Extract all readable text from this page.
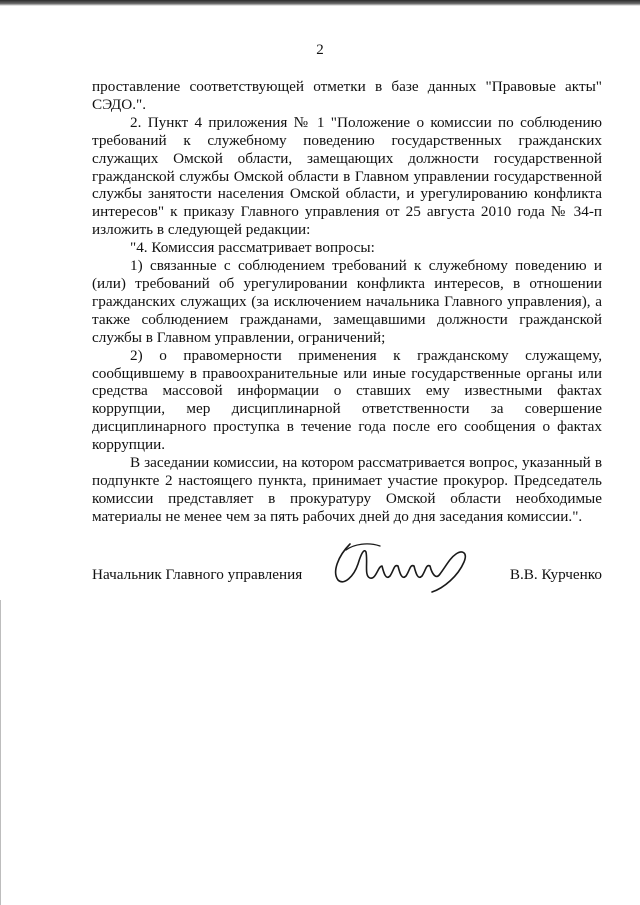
2

проставление соответствующей отметки в базе данных "Правовые акты" СЭДО.".

2. Пункт 4 приложения № 1 "Положение о комиссии по соблюдению требований к служебному поведению государственных гражданских служащих Омской области, замещающих должности государственной гражданской службы Омской области в Главном управлении государственной службы занятости населения Омской области, и урегулированию конфликта интересов" к приказу Главного управления от 25 августа 2010 года № 34-п изложить в следующей редакции:

"4. Комиссия рассматривает вопросы:

1) связанные с соблюдением требований к служебному поведению и (или) требований об урегулировании конфликта интересов, в отношении гражданских служащих (за исключением начальника Главного управления), а также соблюдением гражданами, замещавшими должности гражданской службы в Главном управлении, ограничений;

2) о правомерности применения к гражданскому служащему, сообщившему в правоохранительные или иные государственные органы или средства массовой информации о ставших ему известными фактах коррупции, мер дисциплинарной ответственности за совершение дисциплинарного проступка в течение года после его сообщения о фактах коррупции.

В заседании комиссии, на котором рассматривается вопрос, указанный в подпункте 2 настоящего пункта, принимает участие прокурор. Председатель комиссии представляет в прокуратуру Омской области необходимые материалы не менее чем за пять рабочих дней до дня заседания комиссии.".

Начальник Главного управления	В.В. Курченко
